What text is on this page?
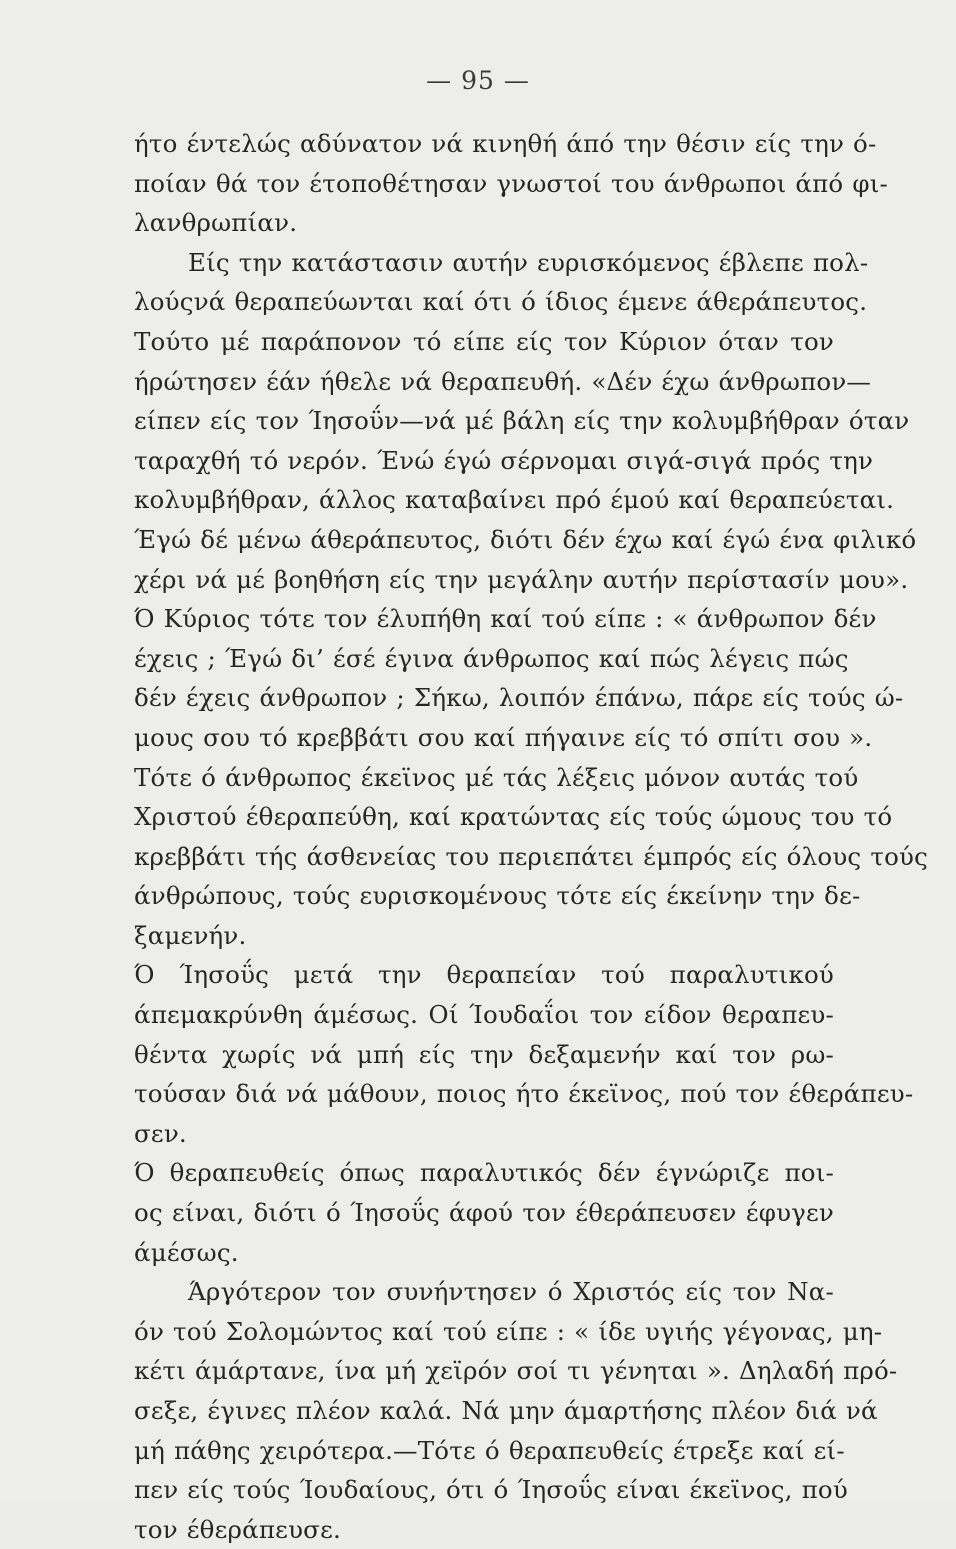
— 95 —
ήτο έντελώς αδύνατον νά κινηθή άπό την θέσιν είς την ό-
ποίαν θά τον έτοποθέτησαν γνωστοί του άνθρωποι άπό φι-
λανθρωπίαν.
Είς την κατάστασιν αυτήν ευρισκόμενος έβλεπε πολ-
λούςνά θεραπεύωνται καί ότι ό ίδιος έμενε άθεράπευτος.
Τούτο μέ παράπονον τό είπε είς τον Κύριον όταν τον
ήρώτησεν έάν ήθελε νά θεραπευθή. «Δέν έχω άνθρωπον—
είπεν είς τον Ίησοΰν—νά μέ βάλη είς την κολυμβήθραν όταν
ταραχθή τό νερόν. Ένώ έγώ σέρνομαι σιγά-σιγά πρός την
κολυμβήθραν, άλλος καταβαίνει πρό έμού καί θεραπεύεται.
Έγώ δέ μένω άθεράπευτος, διότι δέν έχω καί έγώ ένα φιλικό
χέρι νά μέ βοηθήση είς την μεγάλην αυτήν περίστασίν μου».
Ό Κύριος τότε τον έλυπήθη καί τού είπε : « άνθρωπον δέν
έχεις ; Έγώ δι’ έσέ έγινα άνθρωπος καί πώς λέγεις πώς
δέν έχεις άνθρωπον ; Σήκω, λοιπόν έπάνω, πάρε είς τούς ώ-
μους σου τό κρεββάτι σου καί πήγαινε είς τό σπίτι σου ».
Τότε ό άνθρωπος έκεϊνος μέ τάς λέξεις μόνον αυτάς τού
Χριστού έθεραπεύθη, καί κρατώντας είς τούς ώμους του τό
κρεββάτι τής άσθενείας του περιεπάτει έμπρός είς όλους τούς
άνθρώπους, τούς ευρισκομένους τότε είς έκείνην την δε-
ξαμενήν.
Ό Ίησοΰς μετά την θεραπείαν τού παραλυτικού
άπεμακρύνθη άμέσως. Οί Ίουδαΐοι τον είδον θεραπευ-
θέντα χωρίς νά μπή είς την δεξαμενήν καί τον ρω-
τούσαν διά νά μάθουν, ποιος ήτο έκεϊνος, πού τον έθεράπευ-
σεν.
Ό θεραπευθείς όπως παραλυτικός δέν έγνώριζε ποι-
ος είναι, διότι ό Ίησοΰς άφού τον έθεράπευσεν έφυγεν
άμέσως.
Άργότερον τον συνήντησεν ό Χριστός είς τον Να-
όν τού Σολομώντος καί τού είπε : « ίδε υγιής γέγονας, μη-
κέτι άμάρτανε, ίνα μή χεϊρόν σοί τι γένηται ». Δηλαδή πρό-
σεξε, έγινες πλέον καλά. Νά μην άμαρτήσης πλέον διά νά
μή πάθης χειρότερα.—Τότε ό θεραπευθείς έτρεξε καί εί-
πεν είς τούς Ίουδαίους, ότι ό Ίησοΰς είναι έκεϊνος, πού
τον έθεράπευσε.
